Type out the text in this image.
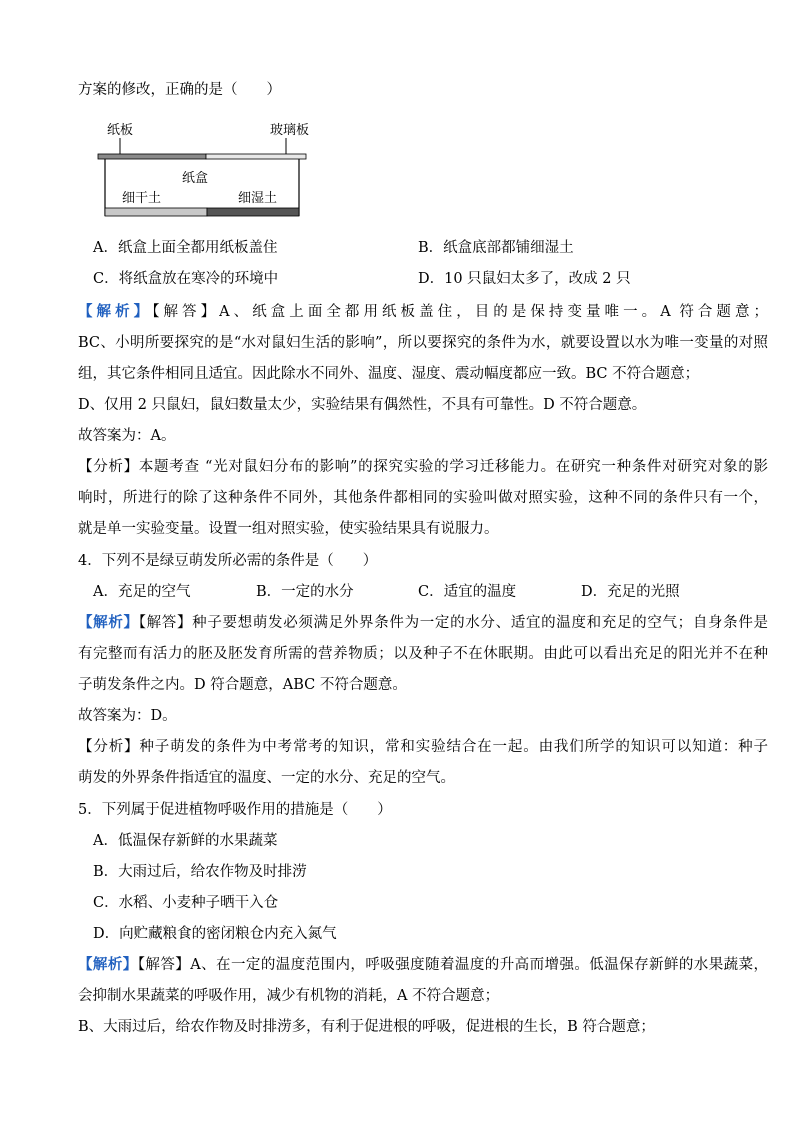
方案的修改，正确的是（　　）
纸板	玻璃板
纸盒
细干土	细湿土
A．纸盒上面全都用纸板盖住	B．纸盒底部都铺细湿土
C．将纸盒放在寒冷的环境中	D．10 只鼠妇太多了，改成 2 只
【解析】【解答】A、纸盒上面全都用纸板盖住，目的是保持变量唯一。A 符合题意；
BC、小明所要探究的是“水对鼠妇生活的影响”，所以要探究的条件为水，就要设置以水为唯一变量的对照
组，其它条件相同且适宜。因此除水不同外、温度、湿度、震动幅度都应一致。BC 不符合题意；
D、仅用 2 只鼠妇，鼠妇数量太少，实验结果有偶然性，不具有可靠性。D 不符合题意。
故答案为：A。
【分析】本题考查 “光对鼠妇分布的影响”的探究实验的学习迁移能力。在研究一种条件对研究对象的影
响时，所进行的除了这种条件不同外，其他条件都相同的实验叫做对照实验，这种不同的条件只有一个，
就是单一实验变量。设置一组对照实验，使实验结果具有说服力。
4．下列不是绿豆萌发所必需的条件是（　　）
A．充足的空气	B．一定的水分	C．适宜的温度	D．充足的光照
【解析】【解答】种子要想萌发必须满足外界条件为一定的水分、适宜的温度和充足的空气；自身条件是
有完整而有活力的胚及胚发育所需的营养物质；以及种子不在休眠期。由此可以看出充足的阳光并不在种
子萌发条件之内。D 符合题意，ABC 不符合题意。
故答案为：D。
【分析】种子萌发的条件为中考常考的知识，常和实验结合在一起。由我们所学的知识可以知道：种子
萌发的外界条件指适宜的温度、一定的水分、充足的空气。
5．下列属于促进植物呼吸作用的措施是（　　）
A．低温保存新鲜的水果蔬菜
B．大雨过后，给农作物及时排涝
C．水稻、小麦种子晒干入仓
D．向贮藏粮食的密闭粮仓内充入氮气
【解析】【解答】A、在一定的温度范围内，呼吸强度随着温度的升高而增强。低温保存新鲜的水果蔬菜，
会抑制水果蔬菜的呼吸作用，减少有机物的消耗，A 不符合题意；
B、大雨过后，给农作物及时排涝多，有利于促进根的呼吸，促进根的生长，B 符合题意；
